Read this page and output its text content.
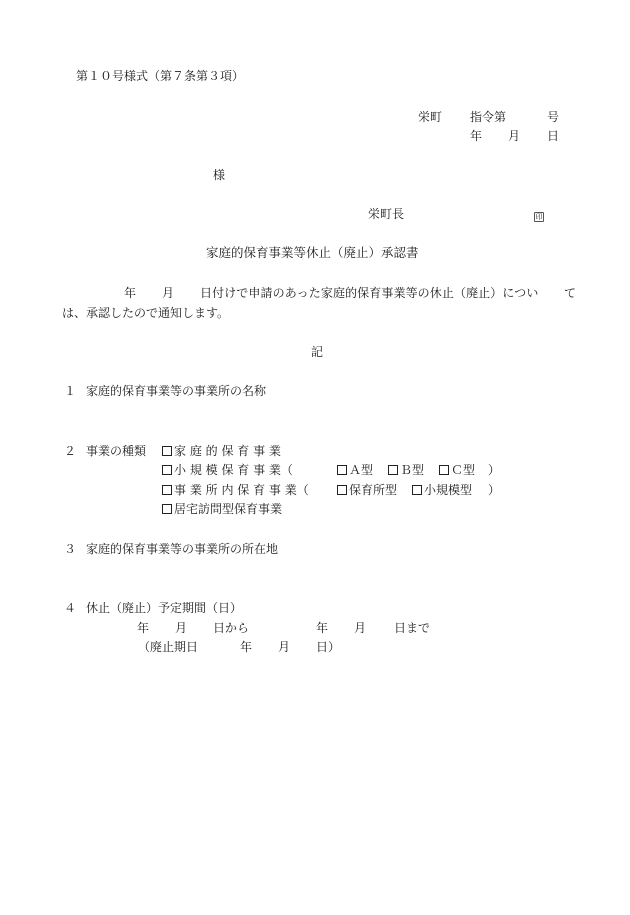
第１０号様式（第７条第３項）
栄町 指令第	号
年 月 日
様
栄町長	印
家庭的保育事業等休止（廃止）承認書
年 月 日付けで申請のあった家庭的保育事業等の休止（廃止）につい て
は、承認したので通知します。
記
１ 家庭的保育事業等の事業所の名称
２ 事業の種類	家 庭 的 保 育 事 業
小 規 模 保 育 事 業（	Ａ型	Ｂ型	Ｃ型 ）
事 業 所 内 保 育 事 業（	保育所型	小規模型 ）
居宅訪問型保育事業
３ 家庭的保育事業等の事業所の所在地
４ 休止（廃止）予定期間（日）
年 月 日から	年 月 日まで
（廃止期日	年 月 日）
